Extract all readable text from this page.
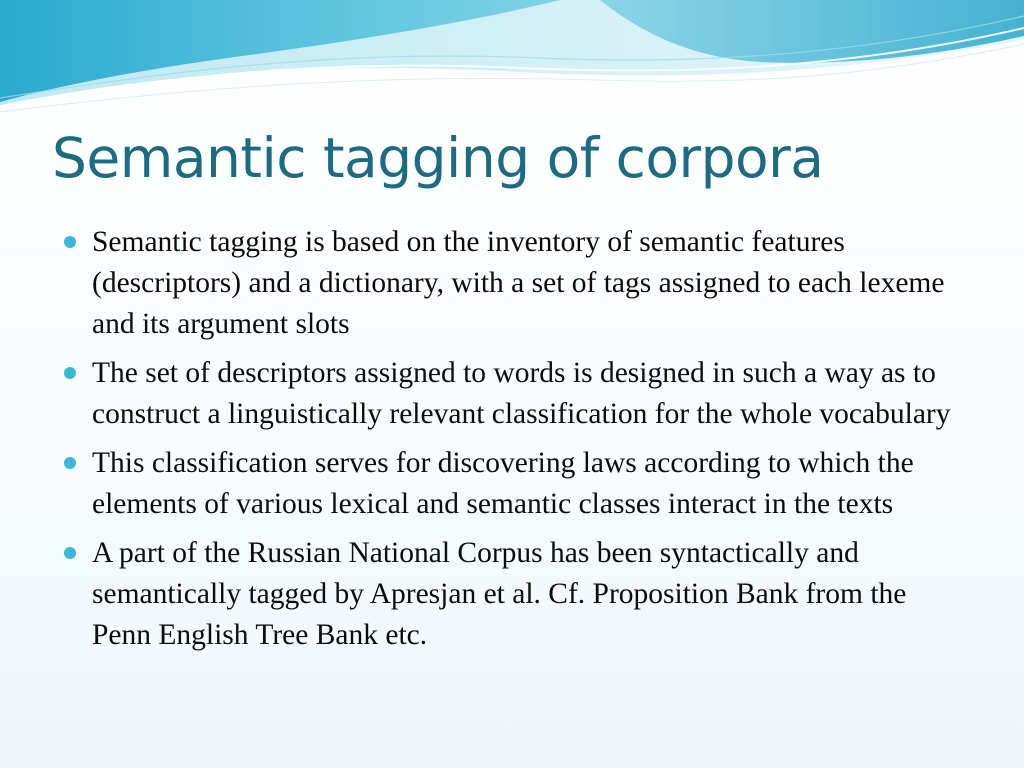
Semantic tagging of corpora
Semantic tagging is based on the inventory of semantic features (descriptors) and a dictionary, with a set of tags assigned to each lexeme and its argument slots
The set of descriptors assigned to words is designed in such a way as to construct a linguistically relevant classification for the whole vocabulary
This classification serves for discovering laws according to which the elements of various lexical and semantic classes interact in the texts
A part of the Russian National Corpus has been syntactically and semantically tagged by Apresjan et al. Cf. Proposition Bank from the Penn English Tree Bank etc.
